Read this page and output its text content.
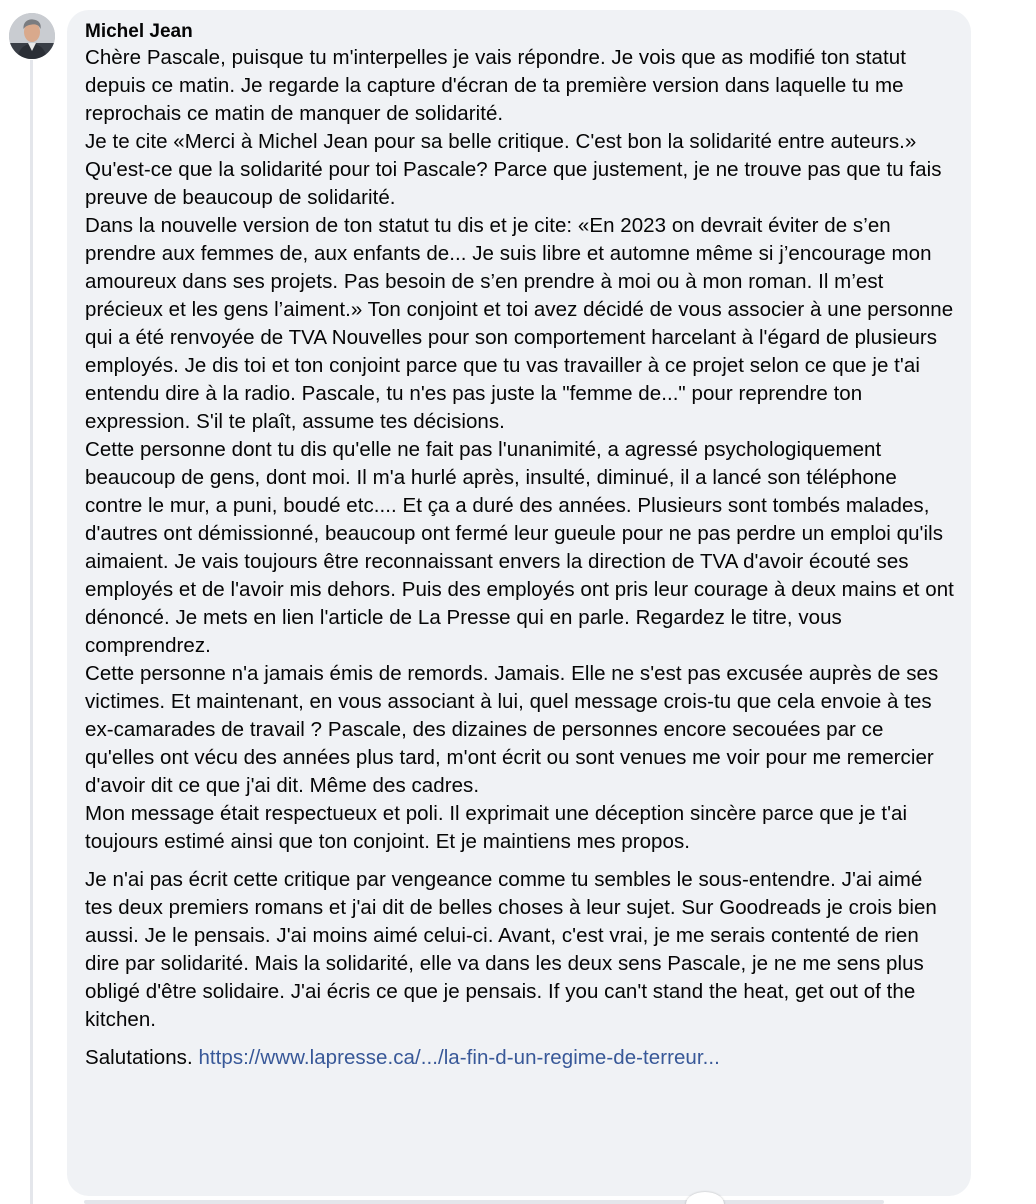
Michel Jean

Chère Pascale, puisque tu m'interpelles je vais répondre. Je vois que as modifié ton statut depuis ce matin. Je regarde la capture d'écran de ta première version dans laquelle tu me reprochais ce matin de manquer de solidarité.

Je te cite «Merci à Michel Jean pour sa belle critique. C'est bon la solidarité entre auteurs.» Qu'est-ce que la solidarité pour toi Pascale? Parce que justement, je ne trouve pas que tu fais preuve de beaucoup de solidarité.

Dans la nouvelle version de ton statut tu dis et je cite: «En 2023 on devrait éviter de s’en prendre aux femmes de, aux enfants de... Je suis libre et automne même si j’encourage mon amoureux dans ses projets. Pas besoin de s’en prendre à moi ou à mon roman. Il m’est précieux et les gens l’aiment.» Ton conjoint et toi avez décidé de vous associer à une personne qui a été renvoyée de TVA Nouvelles pour son comportement harcelant à l'égard de plusieurs employés. Je dis toi et ton conjoint parce que tu vas travailler à ce projet selon ce que je t'ai entendu dire à la radio. Pascale, tu n'es pas juste la "femme de..." pour reprendre ton expression. S'il te plaît, assume tes décisions.

Cette personne dont tu dis qu'elle ne fait pas l'unanimité, a agressé psychologiquement beaucoup de gens, dont moi. Il m'a hurlé après, insulté, diminué, il a lancé son téléphone contre le mur, a puni, boudé etc.... Et ça a duré des années. Plusieurs sont tombés malades, d'autres ont démissionné, beaucoup ont fermé leur gueule pour ne pas perdre un emploi qu'ils aimaient. Je vais toujours être reconnaissant envers la direction de TVA d'avoir écouté ses employés et de l'avoir mis dehors. Puis des employés ont pris leur courage à deux mains et ont dénoncé. Je mets en lien l'article de La Presse qui en parle. Regardez le titre, vous comprendrez.

Cette personne n'a jamais émis de remords. Jamais. Elle ne s'est pas excusée auprès de ses victimes. Et maintenant, en vous associant à lui, quel message crois-tu que cela envoie à tes ex-camarades de travail ? Pascale, des dizaines de personnes encore secouées par ce qu'elles ont vécu des années plus tard, m'ont écrit ou sont venues me voir pour me remercier d'avoir dit ce que j'ai dit. Même des cadres.

Mon message était respectueux et poli. Il exprimait une déception sincère parce que je t'ai toujours estimé ainsi que ton conjoint. Et je maintiens mes propos.

Je n'ai pas écrit cette critique par vengeance comme tu sembles le sous-entendre. J'ai aimé tes deux premiers romans et j'ai dit de belles choses à leur sujet. Sur Goodreads je crois bien aussi. Je le pensais. J'ai moins aimé celui-ci. Avant, c'est vrai, je me serais contenté de rien dire par solidarité. Mais la solidarité, elle va dans les deux sens Pascale, je ne me sens plus obligé d'être solidaire. J'ai écris ce que je pensais. If you can't stand the heat, get out of the kitchen.

Salutations. https://www.lapresse.ca/.../la-fin-d-un-regime-de-terreur...
